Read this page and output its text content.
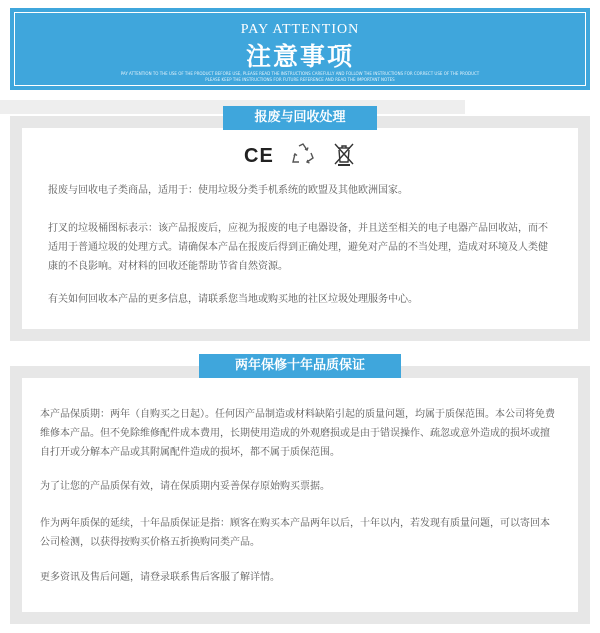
PAY ATTENTION
注意事项
PAY ATTENTION TO THE USE OF THE PRODUCT BEFORE USE, PLEASE READ THE INSTRUCTIONS CAREFULLY AND FOLLOW THE INSTRUCTIONS FOR CORRECT USE OF THE PRODUCT
PLEASE KEEP THE INSTRUCTIONS FOR FUTURE REFERENCE AND READ THE IMPORTANT NOTES
报废与回收处理
CE
报废与回收电子类商品，适用于：使用垃圾分类手机系统的欧盟及其他欧洲国家。
打叉的垃圾桶图标表示：该产品报废后，应视为报废的电子电器设备，并且送至相关的电子电器产品回收站，而不适用于普通垃圾的处理方式。请确保本产品在报废后得到正确处理，避免对产品的不当处理，造成对环境及人类健康的不良影响。对材料的回收还能帮助节省自然资源。
有关如何回收本产品的更多信息，请联系您当地或购买地的社区垃圾处理服务中心。
两年保修十年品质保证
本产品保质期：两年（自购买之日起）。任何因产品制造或材料缺陷引起的质量问题，均属于质保范围。本公司将免费维修本产品。但不免除维修配件成本费用，长期使用造成的外观磨损或是由于错误操作、疏忽或意外造成的损坏或擅自打开或分解本产品或其附属配件造成的损坏，都不属于质保范围。
为了让您的产品质保有效，请在保质期内妥善保存原始购买票据。
作为两年质保的延续，十年品质保证是指：顾客在购买本产品两年以后，十年以内，若发现有质量问题，可以寄回本公司检测，以获得按购买价格五折换购同类产品。
更多资讯及售后问题，请登录联系售后客服了解详情。
